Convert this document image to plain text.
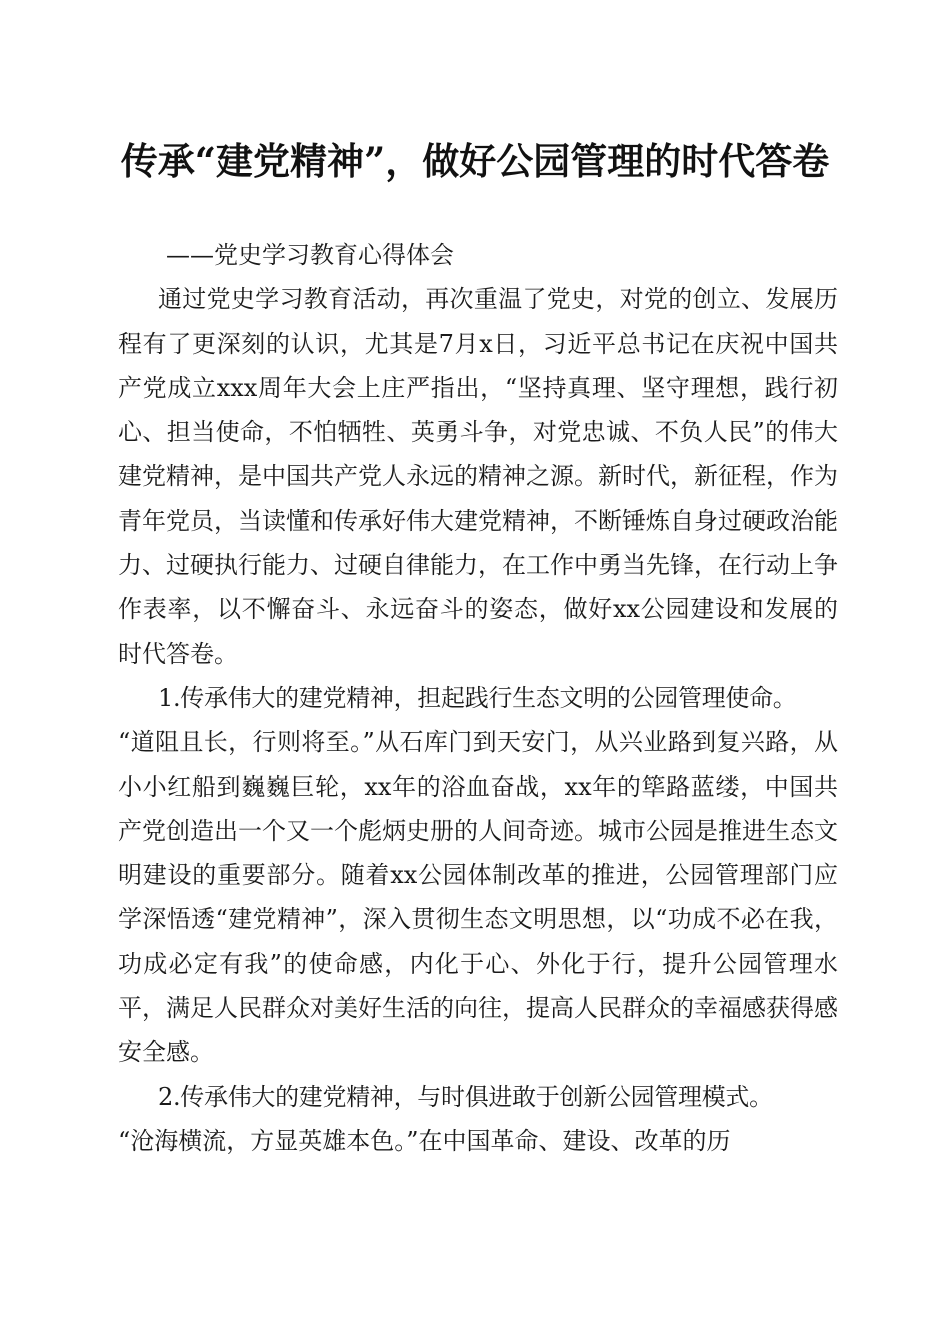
传承“建党精神”，做好公园管理的时代答卷

——党史学习教育心得体会

通过党史学习教育活动，再次重温了党史，对党的创立、发展历程有了更深刻的认识，尤其是7月x日，习近平总书记在庆祝中国共产党成立xxx周年大会上庄严指出，“坚持真理、坚守理想，践行初心、担当使命，不怕牺牲、英勇斗争，对党忠诚、不负人民”的伟大建党精神，是中国共产党人永远的精神之源。新时代，新征程，作为青年党员，当读懂和传承好伟大建党精神，不断锤炼自身过硬政治能力、过硬执行能力、过硬自律能力，在工作中勇当先锋，在行动上争作表率，以不懈奋斗、永远奋斗的姿态，做好xx公园建设和发展的时代答卷。

1.传承伟大的建党精神，担起践行生态文明的公园管理使命。

“道阻且长，行则将至。”从石库门到天安门，从兴业路到复兴路，从小小红船到巍巍巨轮，xx年的浴血奋战，xx年的筚路蓝缕，中国共产党创造出一个又一个彪炳史册的人间奇迹。城市公园是推进生态文明建设的重要部分。随着xx公园体制改革的推进，公园管理部门应学深悟透“建党精神”，深入贯彻生态文明思想，以“功成不必在我，功成必定有我”的使命感，内化于心、外化于行，提升公园管理水平，满足人民群众对美好生活的向往，提高人民群众的幸福感获得感安全感。

2.传承伟大的建党精神，与时俱进敢于创新公园管理模式。

“沧海横流，方显英雄本色。”在中国革命、建设、改革的历
